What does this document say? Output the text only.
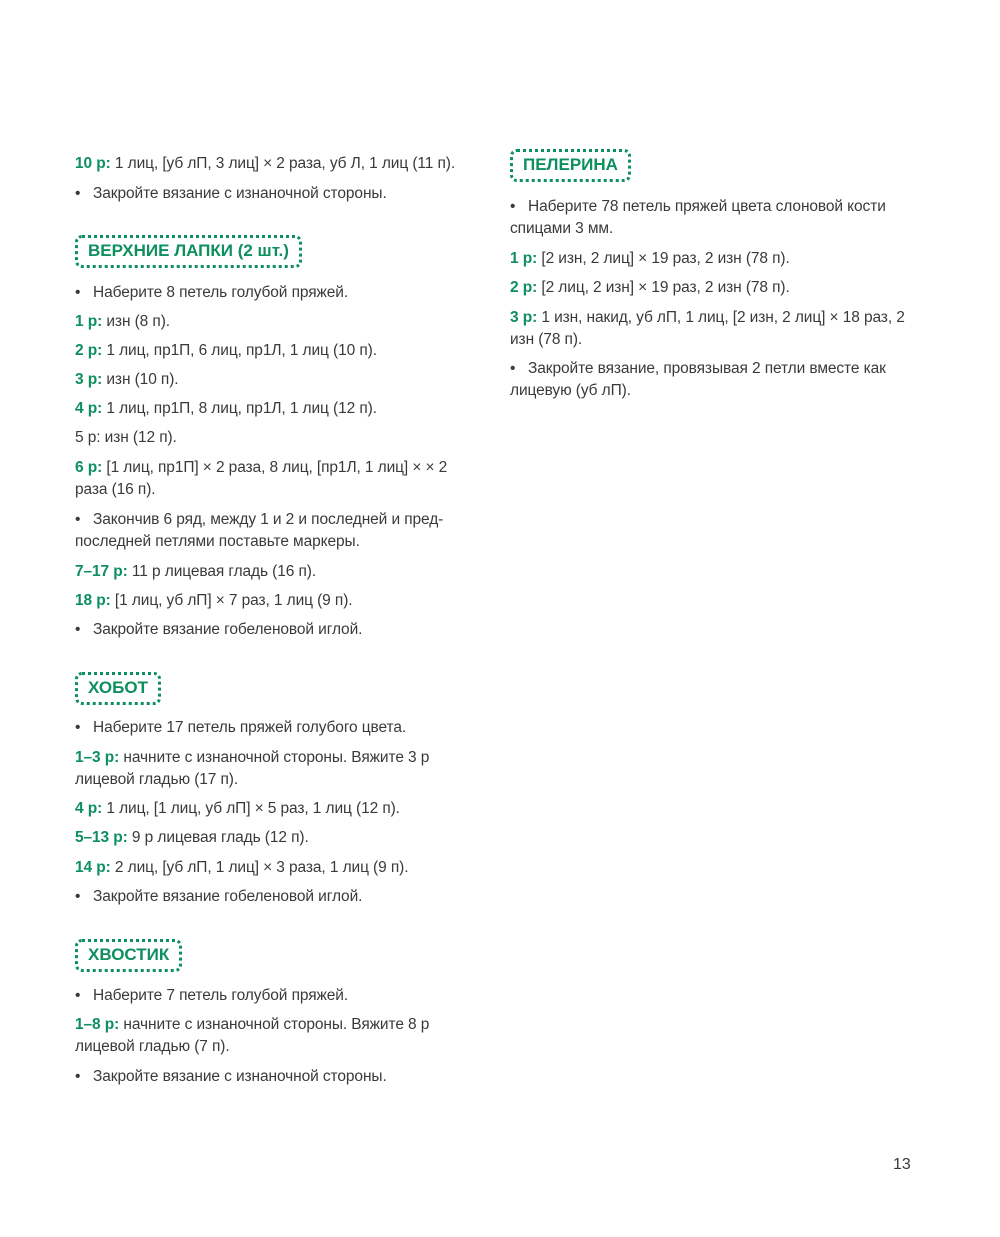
10 р: 1 лиц, [уб лП, 3 лиц] × 2 раза, уб Л, 1 лиц (11 п).

•Закройте вязание с изнаночной стороны.

ВЕРХНИЕ ЛАПКИ (2 шт.)

•Наберите 8 петель голубой пряжей.

1 р: изн (8 п).

2 р: 1 лиц, пр1П, 6 лиц, пр1Л, 1 лиц (10 п).

3 р: изн (10 п).

4 р: 1 лиц, пр1П, 8 лиц, пр1Л, 1 лиц (12 п).

5 р: изн (12 п).

6 р: [1 лиц, пр1П] × 2 раза, 8 лиц, [пр1Л, 1 лиц] × × 2 раза (16 п).

•Закончив 6 ряд, между 1 и 2 и последней и предпоследней петлями поставьте маркеры.

7–17 р: 11 р лицевая гладь (16 п).

18 р: [1 лиц, уб лП] × 7 раз, 1 лиц (9 п).

•Закройте вязание гобеленовой иглой.

ХОБОТ

•Наберите 17 петель пряжей голубого цвета.

1–3 р: начните с изнаночной стороны. Вяжите 3 р лицевой гладью (17 п).

4 р: 1 лиц, [1 лиц, уб лП] × 5 раз, 1 лиц (12 п).

5–13 р: 9 р лицевая гладь (12 п).

14 р: 2 лиц, [уб лП, 1 лиц] × 3 раза, 1 лиц (9 п).

•Закройте вязание гобеленовой иглой.

ХВОСТИК

•Наберите 7 петель голубой пряжей.

1–8 р: начните с изнаночной стороны. Вяжите 8 р лицевой гладью (7 п).

•Закройте вязание с изнаночной стороны.

ПЕЛЕРИНА

•Наберите 78 петель пряжей цвета слоновой кости спицами 3 мм.

1 р: [2 изн, 2 лиц] × 19 раз, 2 изн (78 п).

2 р: [2 лиц, 2 изн] × 19 раз, 2 изн (78 п).

3 р: 1 изн, накид, уб лП, 1 лиц, [2 изн, 2 лиц] × 18 раз, 2 изн (78 п).

•Закройте вязание, провязывая 2 петли вместе как лицевую (уб лП).

13
